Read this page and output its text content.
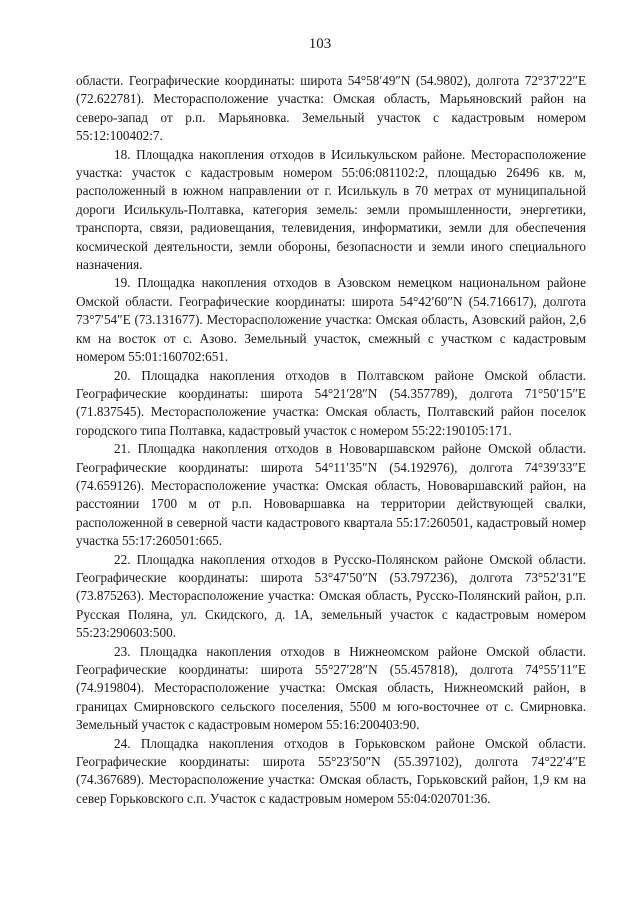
103

области. Географические координаты: широта 54°58′49″N (54.9802), долгота 72°37′22″E (72.622781). Месторасположение участка: Омская область, Марьяновский район на северо-запад от р.п. Марьяновка. Земельный участок с кадастровым номером 55:12:100402:7.

18. Площадка накопления отходов в Исилькульском районе. Месторасположение участка: участок с кадастровым номером 55:06:081102:2, площадью 26496 кв. м, расположенный в южном направлении от г. Исилькуль в 70 метрах от муниципальной дороги Исилькуль-Полтавка, категория земель: земли промышленности, энергетики, транспорта, связи, радиовещания, телевидения, информатики, земли для обеспечения космической деятельности, земли обороны, безопасности и земли иного специального назначения.

19. Площадка накопления отходов в Азовском немецком национальном районе Омской области. Географические координаты: широта 54°42′60″N (54.716617), долгота 73°7′54″E (73.131677). Месторасположение участка: Омская область, Азовский район, 2,6 км на восток от с. Азово. Земельный участок, смежный с участком с кадастровым номером 55:01:160702:651.

20. Площадка накопления отходов в Полтавском районе Омской области. Географические координаты: широта 54°21′28″N (54.357789), долгота 71°50′15″E (71.837545). Месторасположение участка: Омская область, Полтавский район поселок городского типа Полтавка, кадастровый участок с номером 55:22:190105:171.

21. Площадка накопления отходов в Нововаршавском районе Омской области. Географические координаты: широта 54°11′35″N (54.192976), долгота 74°39′33″E (74.659126). Месторасположение участка: Омская область, Нововаршавский район, на расстоянии 1700 м от р.п. Нововаршавка на территории действующей свалки, расположенной в северной части кадастрового квартала 55:17:260501, кадастровый номер участка 55:17:260501:665.

22. Площадка накопления отходов в Русско-Полянском районе Омской области. Географические координаты: широта 53°47′50″N (53.797236), долгота 73°52′31″E (73.875263). Месторасположение участка: Омская область, Русско-Полянский район, р.п. Русская Поляна, ул. Скидского, д. 1А, земельный участок с кадастровым номером 55:23:290603:500.

23. Площадка накопления отходов в Нижнеомском районе Омской области. Географические координаты: широта 55°27′28″N (55.457818), долгота 74°55′11″E (74.919804). Месторасположение участка: Омская область, Нижнеомский район, в границах Смирновского сельского поселения, 5500 м юго-восточнее от с. Смирновка. Земельный участок с кадастровым номером 55:16:200403:90.

24. Площадка накопления отходов в Горьковском районе Омской области. Географические координаты: широта 55°23′50″N (55.397102), долгота 74°22′4″E (74.367689). Месторасположение участка: Омская область, Горьковский район, 1,9 км на север Горьковского с.п. Участок с кадастровым номером 55:04:020701:36.
